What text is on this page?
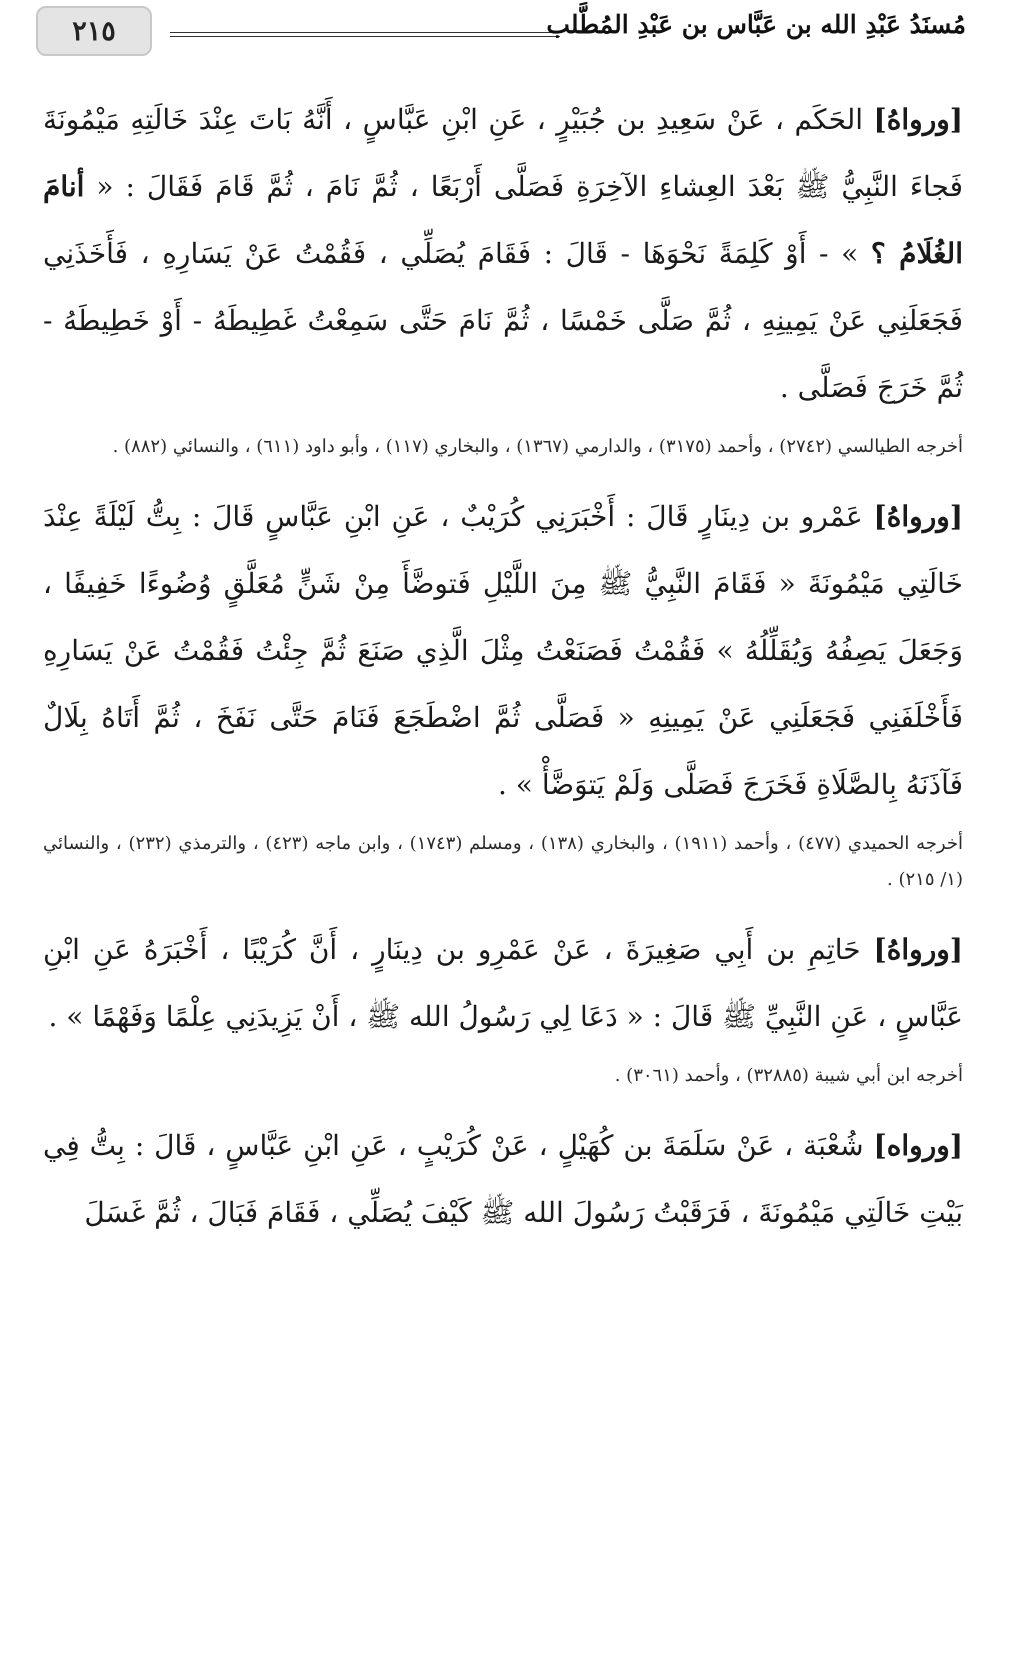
٢١٥	مُسنَدُ عَبْدِ الله بن عَبَّاس بن عَبْدِ المُطَّلب

[ورواهُ] الحَكَم ، عَنْ سَعِيدِ بن جُبَيْرٍ ، عَنِ ابْنِ عَبَّاسٍ ، أَنَّهُ بَاتَ عِنْدَ خَالَتِهِ مَيْمُونَةَ فَجاءَ النَّبِيُّ ﷺ بَعْدَ العِشاءِ الآخِرَةِ فَصَلَّى أَرْبَعًا ، ثُمَّ نَامَ ، ثُمَّ قَامَ فَقَالَ : « أنامَ الغُلَامُ ؟ » - أَوْ كَلِمَةً نَحْوَهَا - قَالَ : فَقَامَ يُصَلِّي ، فَقُمْتُ عَنْ يَسَارِهِ ، فَأَخَذَنِي فَجَعَلَنِي عَنْ يَمِينِهِ ، ثُمَّ صَلَّى خَمْسًا ، ثُمَّ نَامَ حَتَّى سَمِعْتُ غَطِيطَهُ - أَوْ خَطِيطَهُ - ثُمَّ خَرَجَ فَصَلَّى .

أخرجه الطيالسي (٢٧٤٢) ، وأحمد (٣١٧٥) ، والدارمي (١٣٦٧) ، والبخاري (١١٧) ، وأبو داود (٦١١) ، والنسائي (٨٨٢) .

[ورواهُ] عَمْرو بن دِينَارٍ قَالَ : أَخْبَرَنِي كُرَيْبٌ ، عَنِ ابْنِ عَبَّاسٍ قَالَ : بِتُّ لَيْلَةً عِنْدَ خَالَتِي مَيْمُونَةَ « فَقَامَ النَّبِيُّ ﷺ مِنَ اللَّيْلِ فَتوضَّأَ مِنْ شَنٍّ مُعَلَّقٍ وُضُوءًا خَفِيفًا ، وَجَعَلَ يَصِفُهُ وَيُقَلِّلُهُ » فَقُمْتُ فَصَنَعْتُ مِثْلَ الَّذِي صَنَعَ ثُمَّ جِئْتُ فَقُمْتُ عَنْ يَسَارِهِ فَأَخْلَفَنِي فَجَعَلَنِي عَنْ يَمِينِهِ « فَصَلَّى ثُمَّ اضْطَجَعَ فَنَامَ حَتَّى نَفَخَ ، ثُمَّ أَتَاهُ بِلَالٌ فَآذَنَهُ بِالصَّلَاةِ فَخَرَجَ فَصَلَّى وَلَمْ يَتوَضَّأْ » .

أخرجه الحميدي (٤٧٧) ، وأحمد (١٩١١) ، والبخاري (١٣٨) ، ومسلم (١٧٤٣) ، وابن ماجه (٤٢٣) ، والترمذي (٢٣٢) ، والنسائي (١/ ٢١٥) .

[ورواهُ] حَاتِمِ بن أَبِي صَغِيرَةَ ، عَنْ عَمْرِو بن دِينَارٍ ، أَنَّ كُرَيْبًا ، أَخْبَرَهُ عَنِ ابْنِ عَبَّاسٍ ، عَنِ النَّبِيِّ ﷺ قَالَ : « دَعَا لِي رَسُولُ الله ﷺ ، أَنْ يَزِيدَنِي عِلْمًا وَفَهْمًا » .

أخرجه ابن أبي شيبة (٣٢٨٨٥) ، وأحمد (٣٠٦١) .

[ورواه] شُعْبَة ، عَنْ سَلَمَةَ بن كُهَيْلٍ ، عَنْ كُرَيْبٍ ، عَنِ ابْنِ عَبَّاسٍ ، قَالَ : بِتُّ فِي بَيْتِ خَالَتِي مَيْمُونَةَ ، فَرَقَبْتُ رَسُولَ الله ﷺ كَيْفَ يُصَلِّي ، فَقَامَ فَبَالَ ، ثُمَّ غَسَلَ
